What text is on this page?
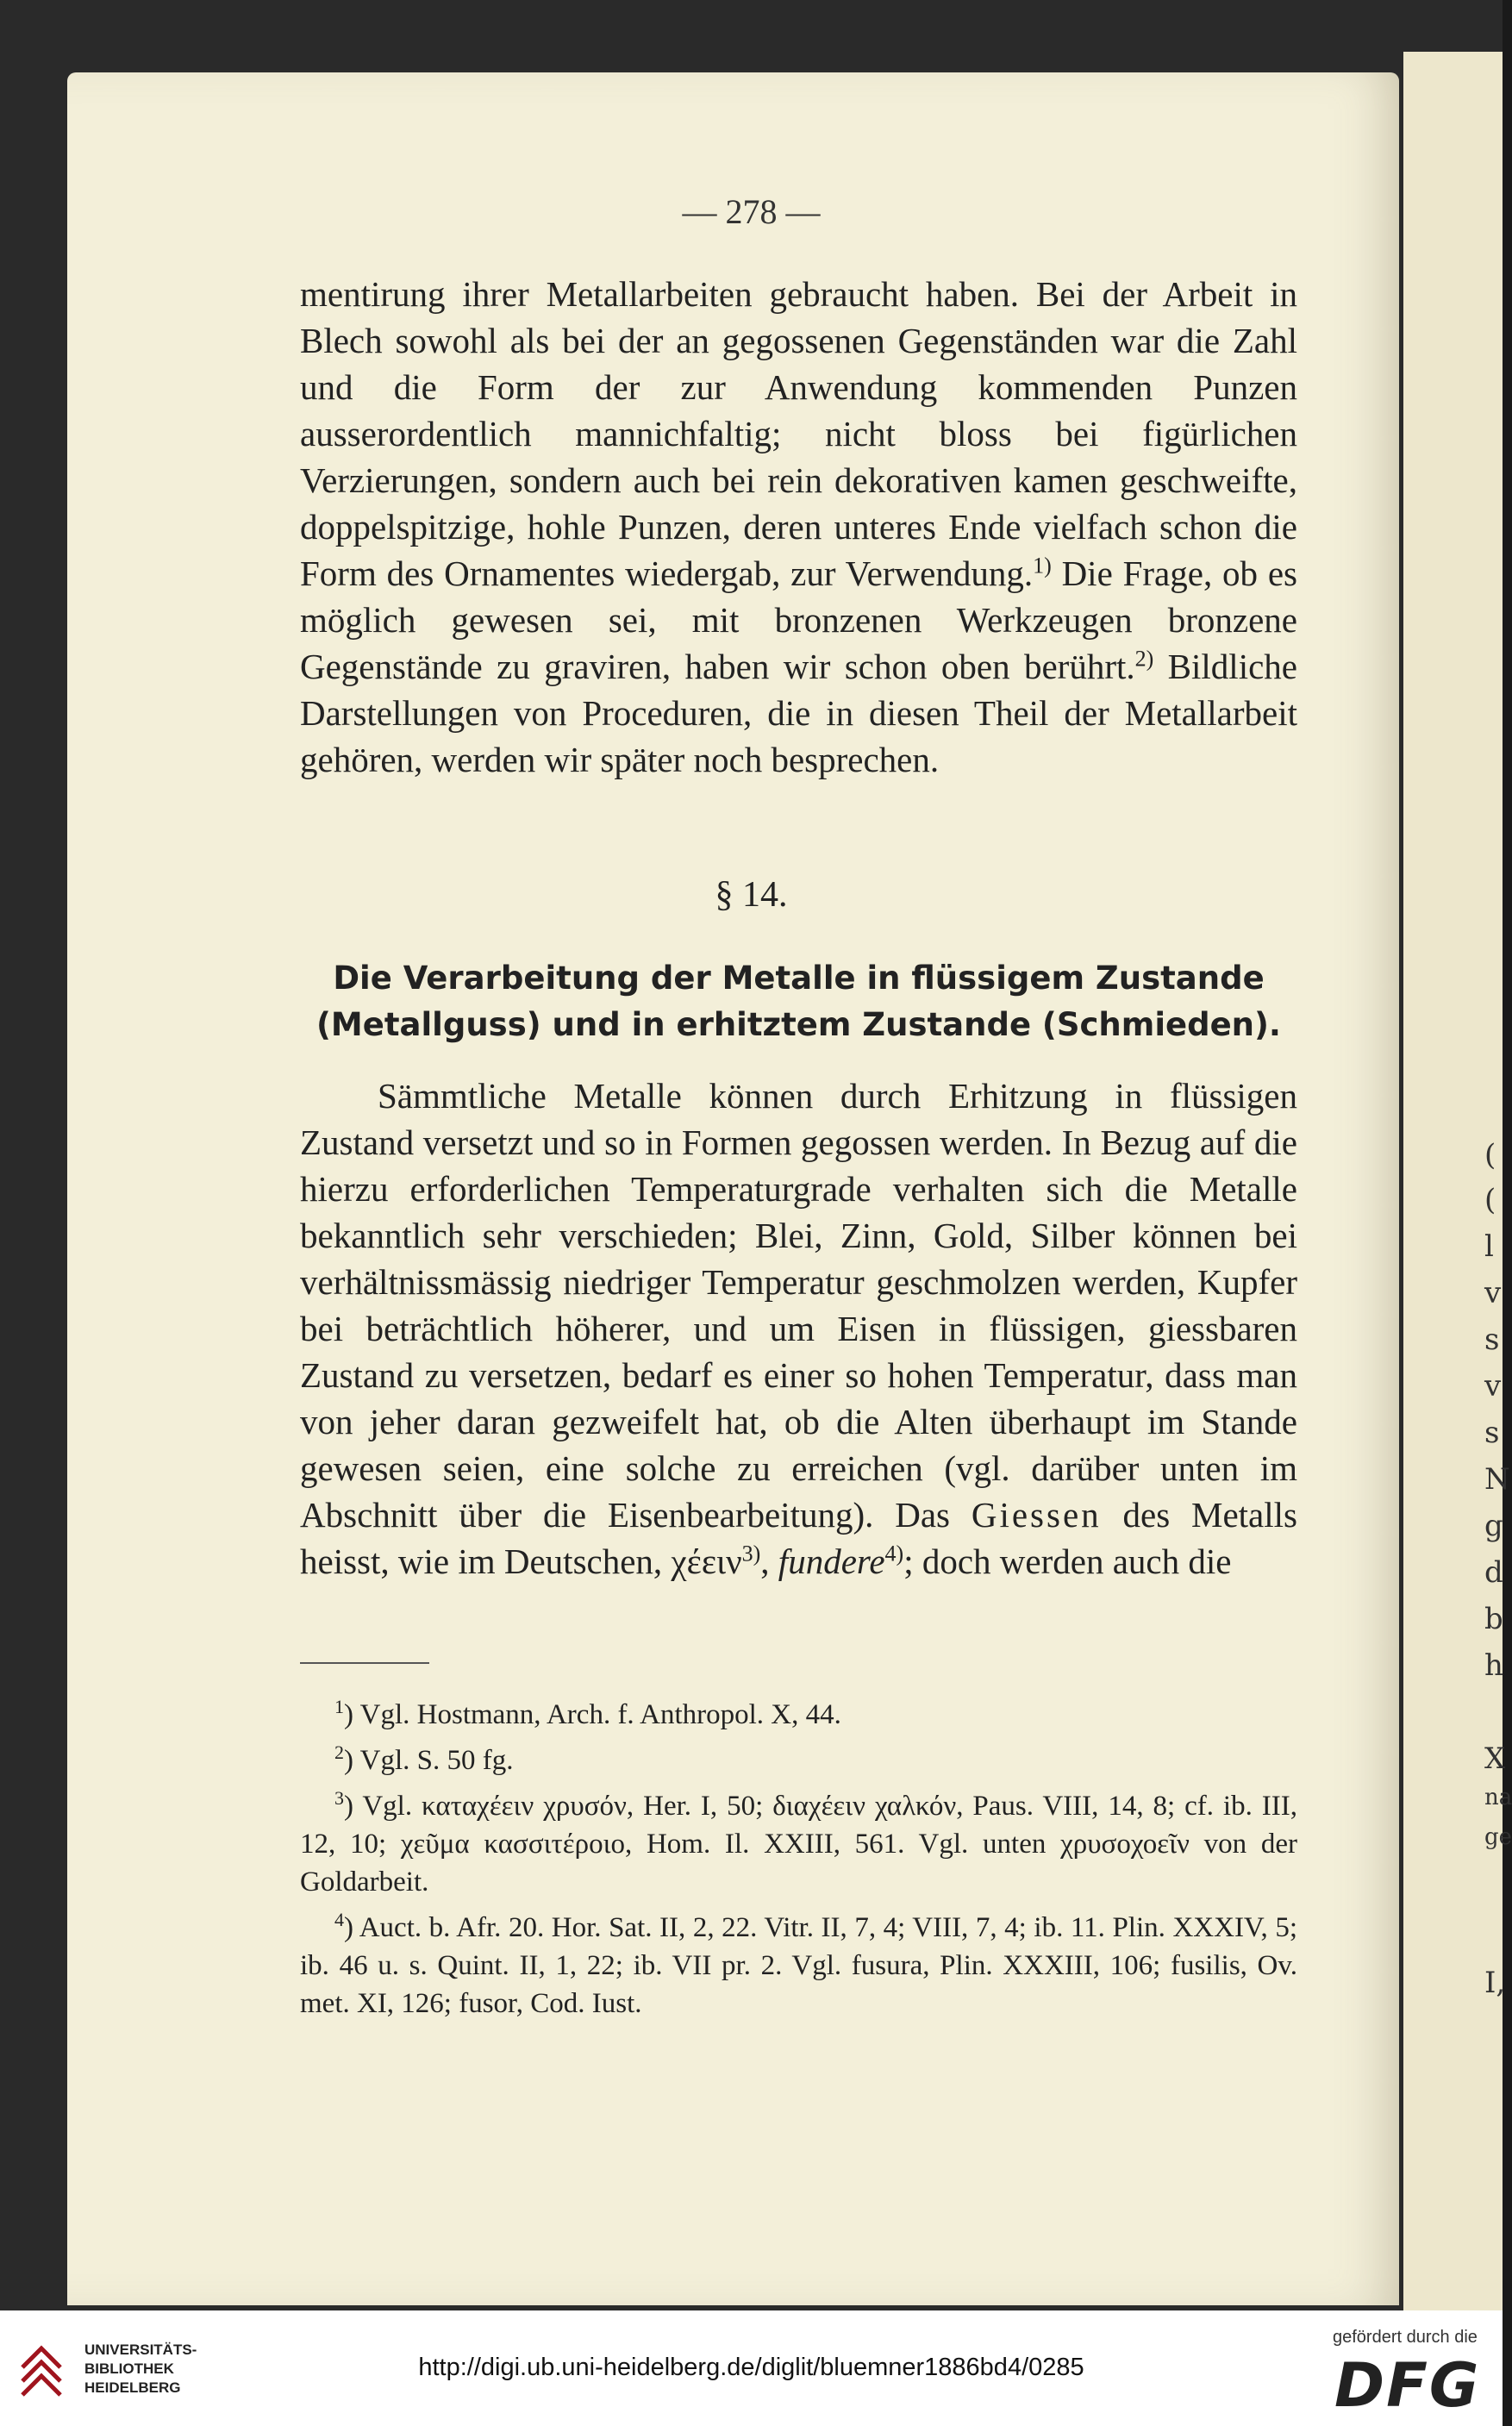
(
(
l
v
s
v
s
N
g
d
b
h
X
na
ge
I,
— 278 —

mentirung ihrer Metallarbeiten gebraucht haben. Bei der Arbeit in Blech sowohl als bei der an gegossenen Gegenständen war die Zahl und die Form der zur Anwendung kommenden Punzen ausserordentlich mannichfaltig; nicht bloss bei figürlichen Verzierungen, sondern auch bei rein dekorativen kamen geschweifte, doppelspitzige, hohle Punzen, deren unteres Ende vielfach schon die Form des Ornamentes wiedergab, zur Verwendung.$^{1)}$ Die Frage, ob es möglich gewesen sei, mit bronzenen Werkzeugen bronzene Gegenstände zu graviren, haben wir schon oben berührt.$^{2)}$ Bildliche Darstellungen von Proceduren, die in diesen Theil der Metallarbeit gehören, werden wir später noch besprechen.

§ 14.
Die Verarbeitung der Metalle in flüssigem Zustande (Metallguss) und in erhitztem Zustande (Schmieden).

Sämmtliche Metalle können durch Erhitzung in flüssigen Zustand versetzt und so in Formen gegossen werden. In Bezug auf die hierzu erforderlichen Temperaturgrade verhalten sich die Metalle bekanntlich sehr verschieden; Blei, Zinn, Gold, Silber können bei verhältnissmässig niedriger Temperatur geschmolzen werden, Kupfer bei beträchtlich höherer, und um Eisen in flüssigen, giessbaren Zustand zu versetzen, bedarf es einer so hohen Temperatur, dass man von jeher daran gezweifelt hat, ob die Alten überhaupt im Stande gewesen seien, eine solche zu erreichen (vgl. darüber unten im Abschnitt über die Eisenbearbeitung). Das Giessen des Metalls heisst, wie im Deutschen, χέειν$^{3)}$, fundere$^{4)}$; doch werden auch die

$^1$) Vgl. Hostmann, Arch. f. Anthropol. X, 44.

$^2$) Vgl. S. 50 fg.

$^3$) Vgl. καταχέειν χρυσόν, Her. I, 50; διαχέειν χαλκόν, Paus. VIII, 14, 8; cf. ib. III, 12, 10; χεῦμα κασσιτέροιο, Hom. Il. XXIII, 561. Vgl. unten χρυσοχοεῖν von der Goldarbeit.

$^4$) Auct. b. Afr. 20. Hor. Sat. II, 2, 22. Vitr. II, 7, 4; VIII, 7, 4; ib. 11. Plin. XXXIV, 5; ib. 46 u. s. Quint. II, 1, 22; ib. VII pr. 2. Vgl. fusura, Plin. XXXIII, 106; fusilis, Ov. met. XI, 126; fusor, Cod. Iust.

UNIVERSITÄTS-
BIBLIOTHEK
HEIDELBERG
http://digi.ub.uni-heidelberg.de/diglit/bluemner1886bd4/0285
gefördert durch die
DFG
